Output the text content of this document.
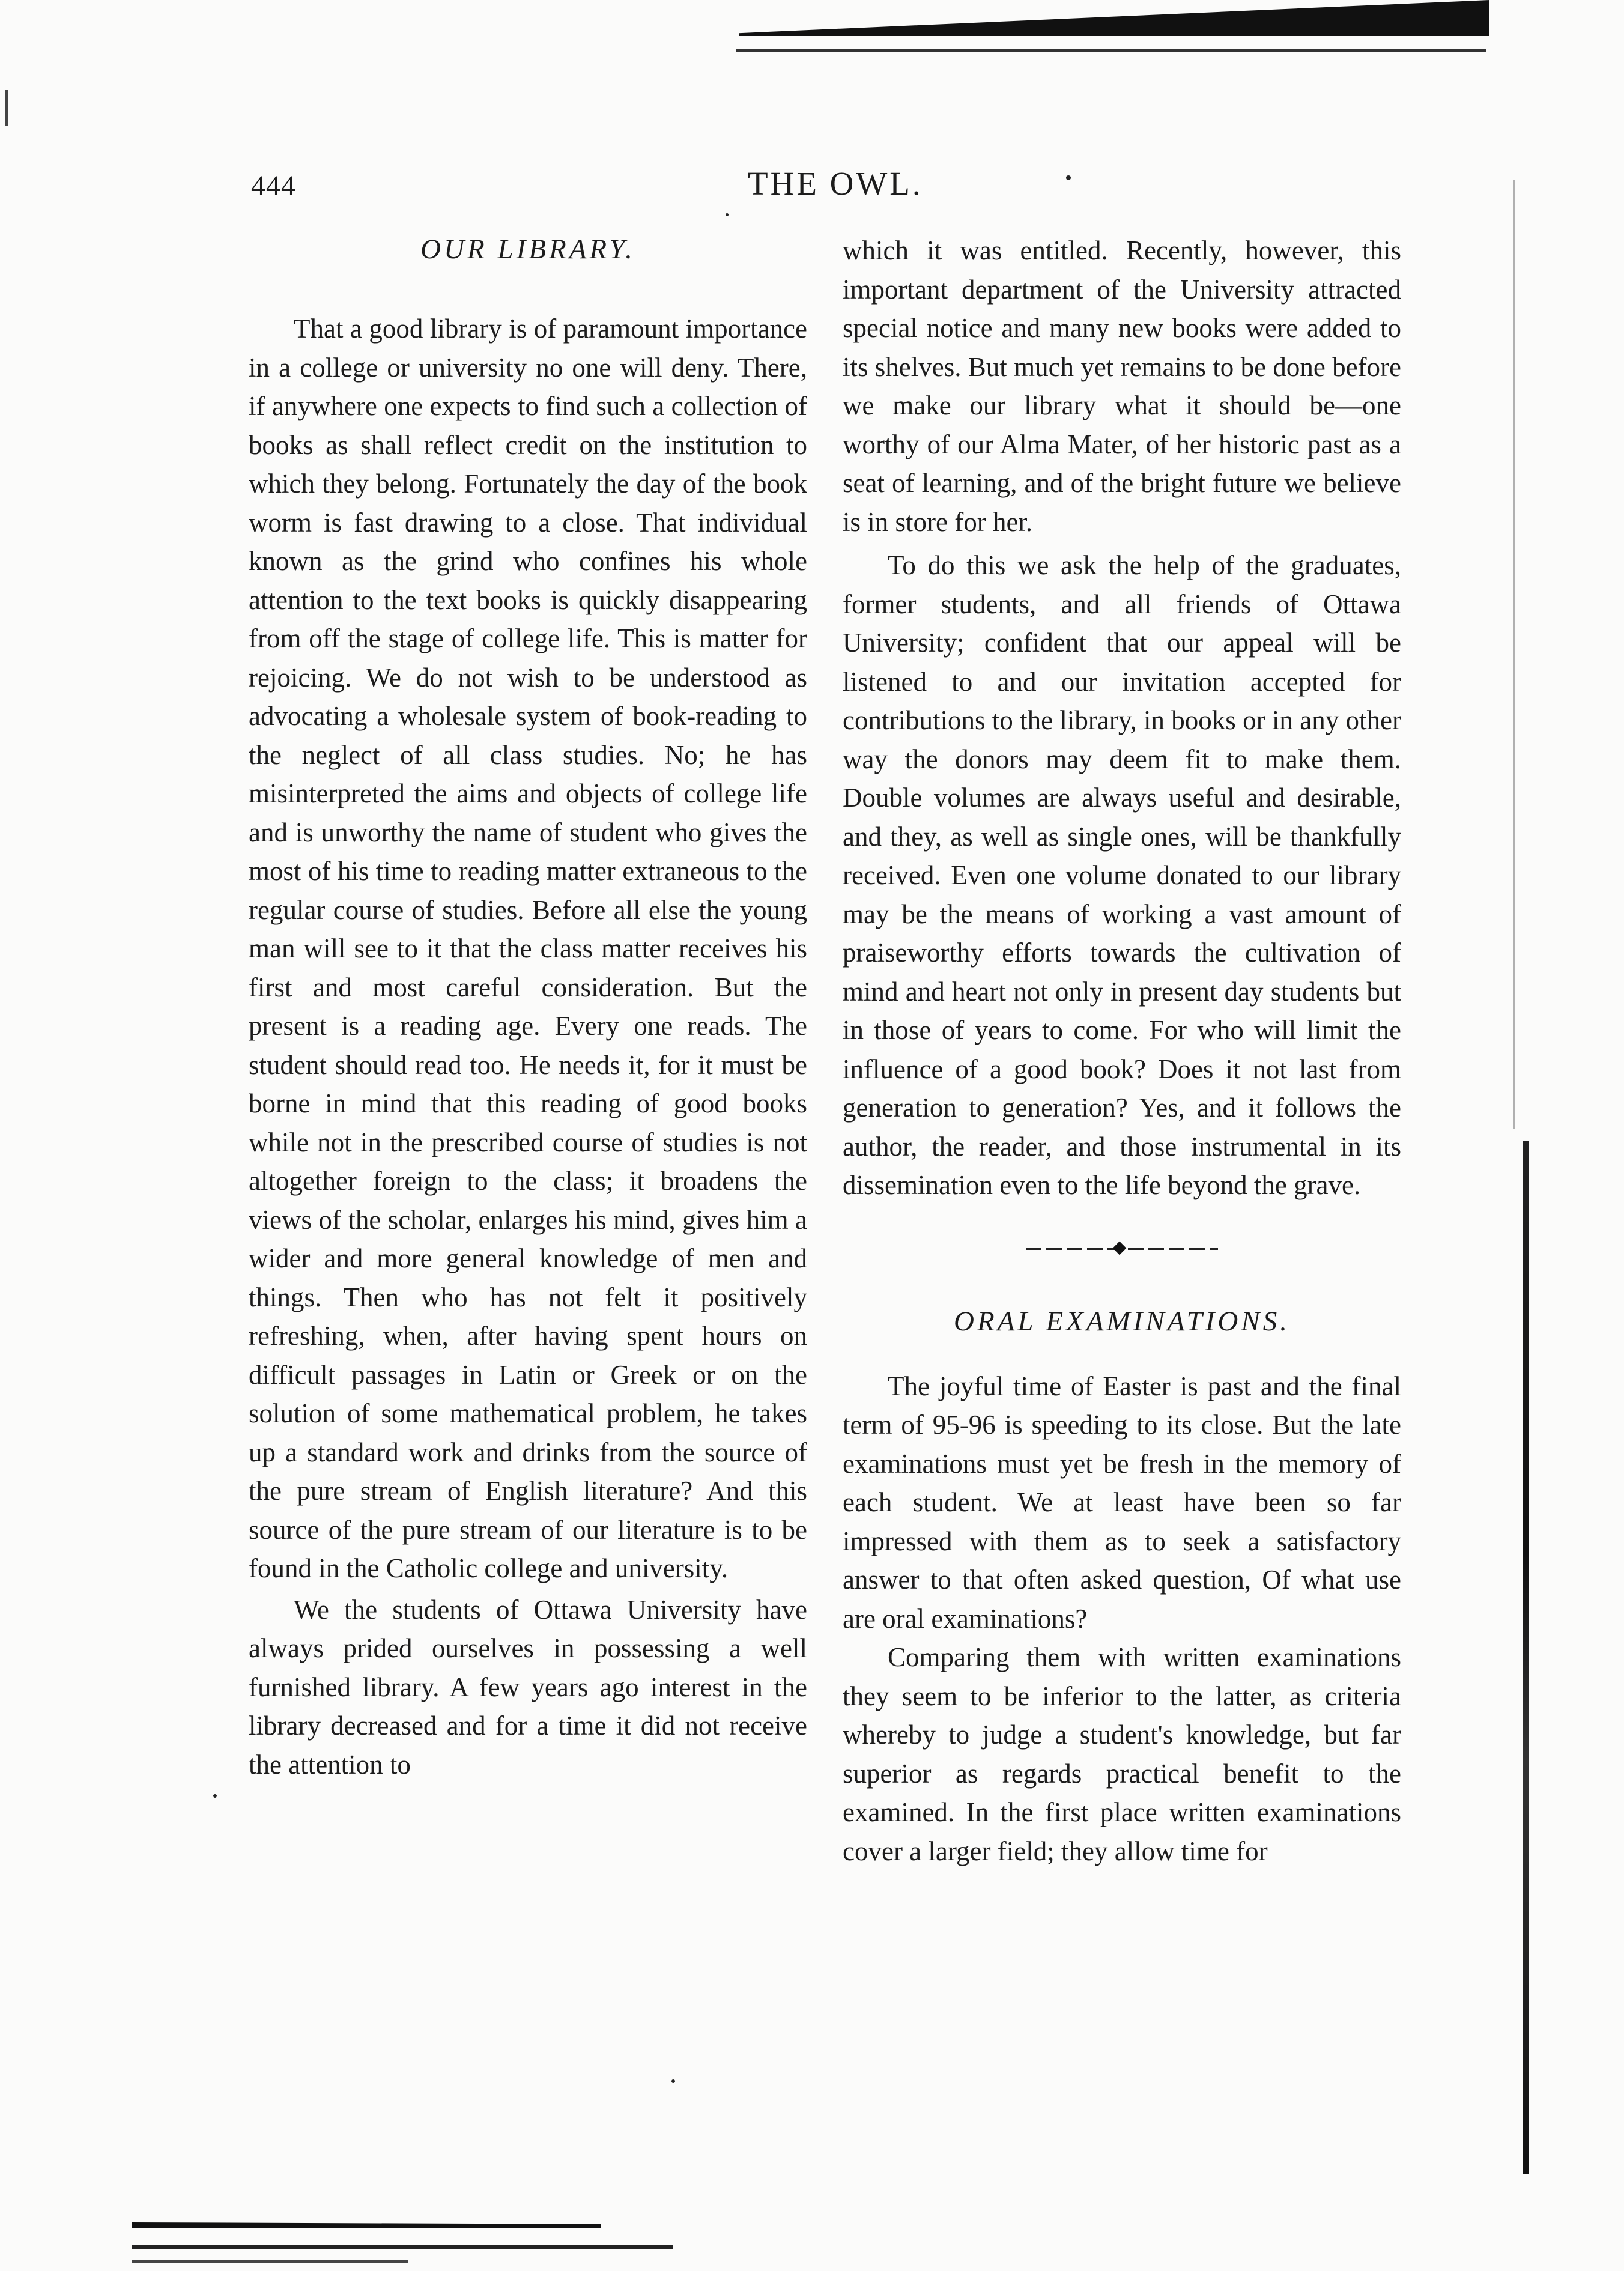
444	THE OWL.
OUR LIBRARY.

That a good library is of paramount importance in a college or university no one will deny. There, if anywhere one expects to find such a collection of books as shall reflect credit on the institution to which they belong. Fortunately the day of the book worm is fast drawing to a close. That individual known as the grind who confines his whole attention to the text books is quickly disappearing from off the stage of college life. This is matter for rejoicing. We do not wish to be understood as advocating a wholesale system of book-reading to the neglect of all class studies. No; he has misinterpreted the aims and objects of college life and is unworthy the name of student who gives the most of his time to reading matter extraneous to the regular course of studies. Before all else the young man will see to it that the class matter receives his first and most careful consideration. But the present is a reading age. Every one reads. The student should read too. He needs it, for it must be borne in mind that this reading of good books while not in the prescribed course of studies is not altogether foreign to the class; it broadens the views of the scholar, enlarges his mind, gives him a wider and more general knowledge of men and things. Then who has not felt it positively refreshing, when, after having spent hours on difficult passages in Latin or Greek or on the solution of some mathematical problem, he takes up a standard work and drinks from the source of the pure stream of English literature? And this source of the pure stream of our literature is to be found in the Catholic college and university.

We the students of Ottawa University have always prided ourselves in possessing a well furnished library. A few years ago interest in the library decreased and for a time it did not receive the attention to

which it was entitled. Recently, however, this important department of the University attracted special notice and many new books were added to its shelves. But much yet remains to be done before we make our library what it should be—one worthy of our Alma Mater, of her historic past as a seat of learning, and of the bright future we believe is in store for her.

To do this we ask the help of the graduates, former students, and all friends of Ottawa University; confident that our appeal will be listened to and our invitation accepted for contributions to the library, in books or in any other way the donors may deem fit to make them. Double volumes are always useful and desirable, and they, as well as single ones, will be thankfully received. Even one volume donated to our library may be the means of working a vast amount of praiseworthy efforts towards the cultivation of mind and heart not only in present day students but in those of years to come. For who will limit the influence of a good book? Does it not last from generation to generation? Yes, and it follows the author, the reader, and those instrumental in its dissemination even to the life beyond the grave.

ORAL EXAMINATIONS.

The joyful time of Easter is past and the final term of 95-96 is speeding to its close. But the late examinations must yet be fresh in the memory of each student. We at least have been so far impressed with them as to seek a satisfactory answer to that often asked question, Of what use are oral examinations?

Comparing them with written examinations they seem to be inferior to the latter, as criteria whereby to judge a student's knowledge, but far superior as regards practical benefit to the examined. In the first place written examinations cover a larger field; they allow time for
